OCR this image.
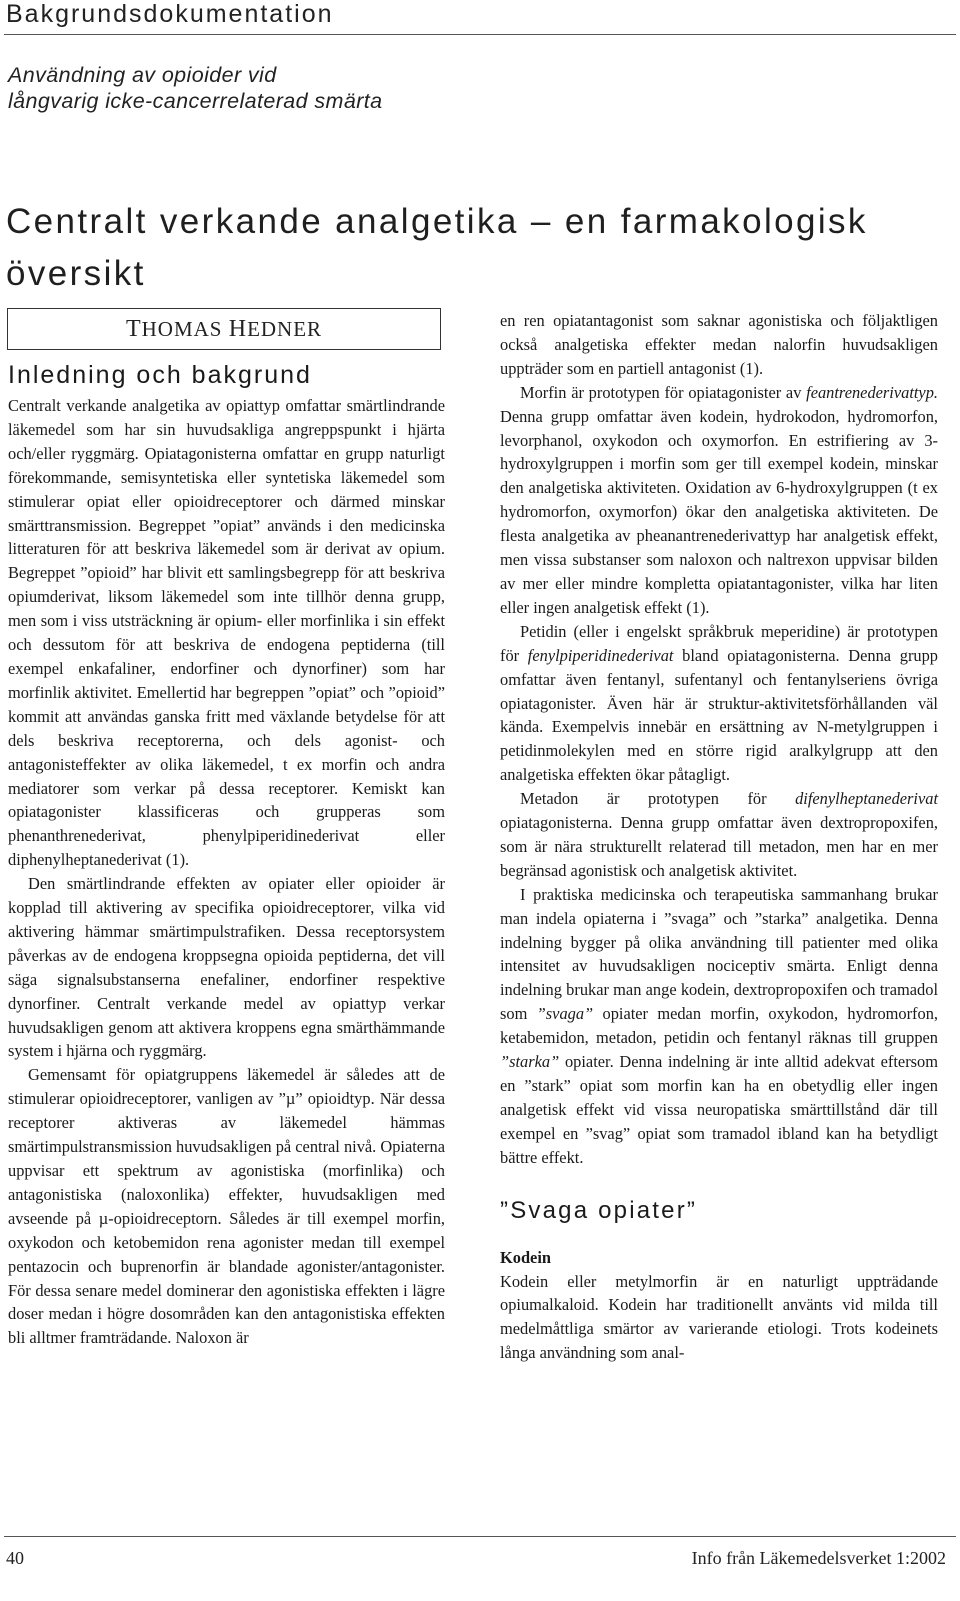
Bakgrundsdokumentation
Användning av opioider vid
långvarig icke-cancerrelaterad smärta
Centralt verkande analgetika – en farmakologisk
översikt
THOMAS HEDNER
Inledning och bakgrund

Centralt verkande analgetika av opiattyp omfattar smärtlindrande läkemedel som har sin huvudsakliga angreppspunkt i hjärta och/eller ryggmärg. Opiatagonisterna omfattar en grupp naturligt förekommande, semisyntetiska eller syntetiska läkemedel som stimulerar opiat eller opioidreceptorer och därmed minskar smärttransmission. Begreppet ”opiat” används i den medicinska litteraturen för att beskriva läkemedel som är derivat av opium. Begreppet ”opioid” har blivit ett samlingsbegrepp för att beskriva opiumderivat, liksom läkemedel som inte tillhör denna grupp, men som i viss utsträckning är opium- eller morfinlika i sin effekt och dessutom för att beskriva de endogena peptiderna (till exempel enkafaliner, endorfiner och dynorfiner) som har morfinlik aktivitet. Emellertid har begreppen ”opiat” och ”opioid” kommit att användas ganska fritt med växlande betydelse för att dels beskriva receptorerna, och dels agonist- och antagonisteffekter av olika läkemedel, t ex morfin och andra mediatorer som verkar på dessa receptorer. Kemiskt kan opiatagonister klassificeras och grupperas som phenanthrenederivat, phenylpiperidinederivat eller diphenylheptanederivat (1).

Den smärtlindrande effekten av opiater eller opioider är kopplad till aktivering av specifika opioidreceptorer, vilka vid aktivering hämmar smärtimpulstrafiken. Dessa receptorsystem påverkas av de endogena kroppsegna opioida peptiderna, det vill säga signalsubstanserna enefaliner, endorfiner respektive dynorfiner. Centralt verkande medel av opiattyp verkar huvudsakligen genom att aktivera kroppens egna smärthämmande system i hjärna och ryggmärg.

Gemensamt för opiatgruppens läkemedel är således att de stimulerar opioidreceptorer, vanligen av ”µ” opioidtyp. När dessa receptorer aktiveras av läkemedel hämmas smärtimpulstransmission huvudsakligen på central nivå. Opiaterna uppvisar ett spektrum av agonistiska (morfinlika) och antagonistiska (naloxonlika) effekter, huvudsakligen med avseende på µ-opioidreceptorn. Således är till exempel morfin, oxykodon och ketobemidon rena agonister medan till exempel pentazocin och buprenorfin är blandade agonister/antagonister. För dessa senare medel dominerar den agonistiska effekten i lägre doser medan i högre dosområden kan den antagonistiska effekten bli alltmer framträdande. Naloxon är

en ren opiatantagonist som saknar agonistiska och följaktligen också analgetiska effekter medan nalorfin huvudsakligen uppträder som en partiell antagonist (1).

Morfin är prototypen för opiatagonister av feantrenederivattyp. Denna grupp omfattar även kodein, hydrokodon, hydromorfon, levorphanol, oxykodon och oxymorfon. En estrifiering av 3-hydroxylgruppen i morfin som ger till exempel kodein, minskar den analgetiska aktiviteten. Oxidation av 6-hydroxylgruppen (t ex hydromorfon, oxymorfon) ökar den analgetiska aktiviteten. De flesta analgetika av pheanantrenederivattyp har analgetisk effekt, men vissa substanser som naloxon och naltrexon uppvisar bilden av mer eller mindre kompletta opiatantagonister, vilka har liten eller ingen analgetisk effekt (1).

Petidin (eller i engelskt språkbruk meperidine) är prototypen för fenylpiperidinederivat bland opiatagonisterna. Denna grupp omfattar även fentanyl, sufentanyl och fentanylseriens övriga opiatagonister. Även här är struktur-aktivitetsförhållanden väl kända. Exempelvis innebär en ersättning av N-metylgruppen i petidinmolekylen med en större rigid aralkylgrupp att den analgetiska effekten ökar påtagligt.

Metadon är prototypen för difenylheptanederivat opiatagonisterna. Denna grupp omfattar även dextropropoxifen, som är nära strukturellt relaterad till metadon, men har en mer begränsad agonistisk och analgetisk aktivitet.

I praktiska medicinska och terapeutiska sammanhang brukar man indela opiaterna i ”svaga” och ”starka” analgetika. Denna indelning bygger på olika användning till patienter med olika intensitet av huvudsakligen nociceptiv smärta. Enligt denna indelning brukar man ange kodein, dextropropoxifen och tramadol som ”svaga” opiater medan morfin, oxykodon, hydromorfon, ketabemidon, metadon, petidin och fentanyl räknas till gruppen ”starka” opiater. Denna indelning är inte alltid adekvat eftersom en ”stark” opiat som morfin kan ha en obetydlig eller ingen analgetisk effekt vid vissa neuropatiska smärttillstånd där till exempel en ”svag” opiat som tramadol ibland kan ha betydligt bättre effekt.

”Svaga opiater”
Kodein

Kodein eller metylmorfin är en naturligt uppträdande opiumalkaloid. Kodein har traditionellt använts vid milda till medelmåttliga smärtor av varierande etiologi. Trots kodeinets långa användning som anal-

40	Info från Läkemedelsverket 1:2002
